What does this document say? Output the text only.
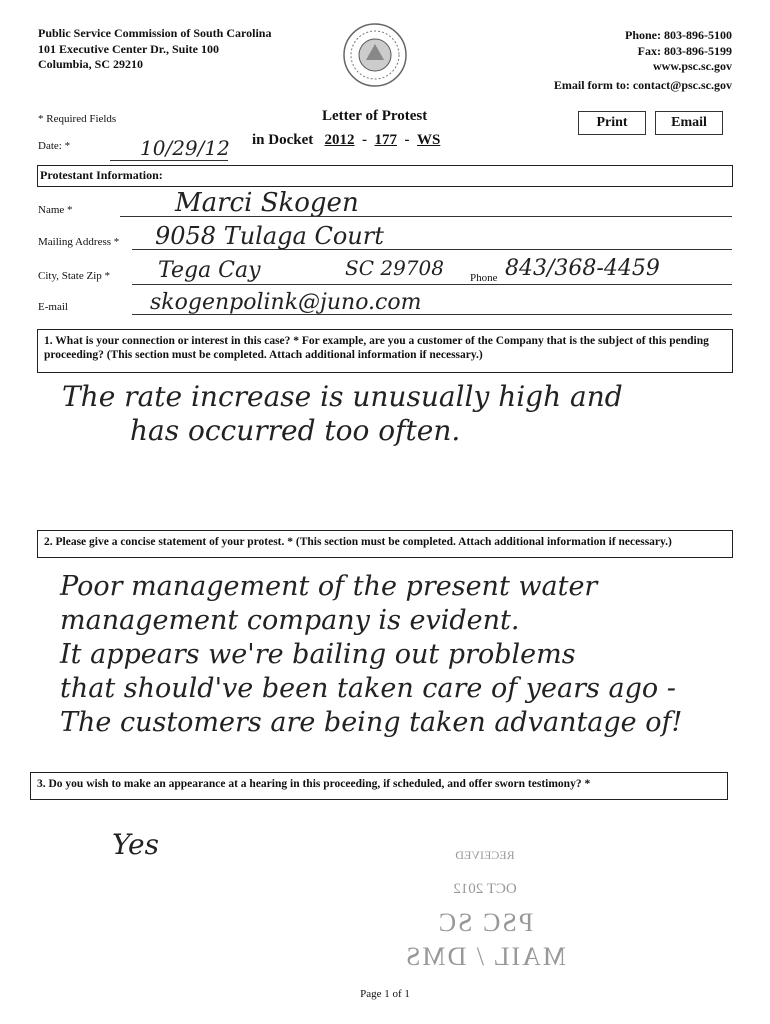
Public Service Commission of South Carolina
101 Executive Center Dr., Suite 100
Columbia, SC 29210
Phone: 803-896-5100
Fax: 803-896-5199
www.psc.sc.gov
Email form to: contact@psc.sc.gov
* Required Fields	Letter of Protest	Print	Email
Date: *	10/29/12 in Docket 2012  -  177  -  WS
Protestant Information:
Name *	Marci Skogen
Mailing Address * 9058 Tulaga Court
City, State Zip * Tega Cay	SC 29708 Phone 843/368-4459
E-mail	skogenpolink@juno.com
1. What is your connection or interest in this case? * For example, are you a customer of the Company that is the subject of this pending proceeding? (This section must be completed. Attach additional information if necessary.)
The rate increase is unusually high and
has occurred too often.
2. Please give a concise statement of your protest. * (This section must be completed. Attach additional information if necessary.)
Poor management of the present water
management company is evident.
It appears we're bailing out problems
that should've been taken care of years ago -
The customers are being taken advantage of!
3. Do you wish to make an appearance at a hearing in this proceeding, if scheduled, and offer sworn testimony? *
Yes	RECEIVED
OCT 2012
PSC SC MAIL / DMS
Page 1 of 1
